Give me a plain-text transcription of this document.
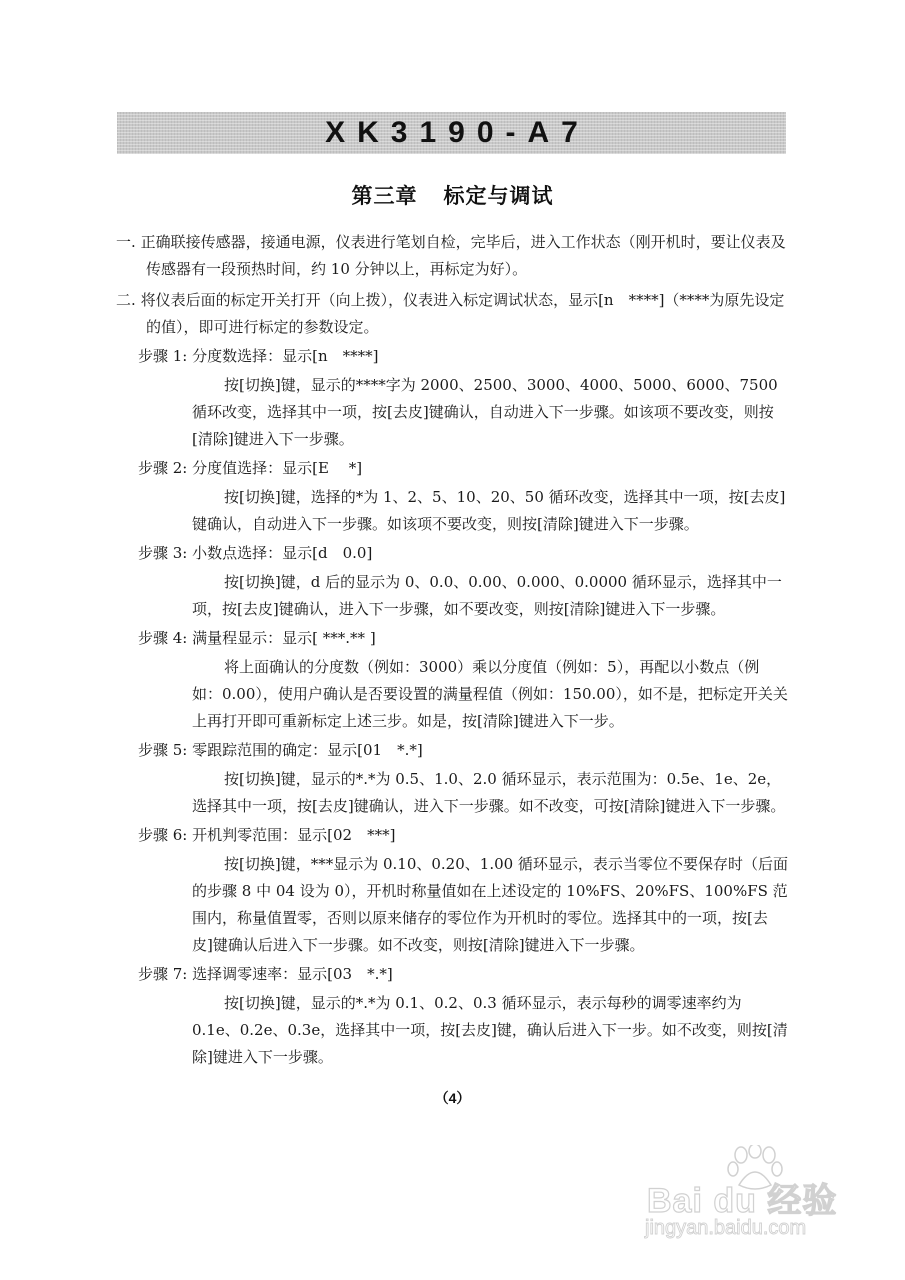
XK3190-A7
第三章 标定与调试

一. 正确联接传感器，接通电源，仪表进行笔划自检，完毕后，进入工作状态（刚开机时，要让仪表及传感器有一段预热时间，约 10 分钟以上，再标定为好）。

二. 将仪表后面的标定开关打开（向上拨），仪表进入标定调试状态，显示[n　****]（****为原先设定的值），即可进行标定的参数设定。

步骤 1: 分度数选择：显示[n　****]

按[切换]键，显示的****字为 2000、2500、3000、4000、5000、6000、7500 循环改变，选择其中一项，按[去皮]键确认，自动进入下一步骤。如该项不要改变，则按[清除]键进入下一步骤。

步骤 2: 分度值选择：显示[E　 *]

按[切换]键，选择的*为 1、2、5、10、20、50 循环改变，选择其中一项，按[去皮] 键确认，自动进入下一步骤。如该项不要改变，则按[清除]键进入下一步骤。

步骤 3: 小数点选择：显示[d　0.0]

按[切换]键，d 后的显示为 0、0.0、0.00、0.000、0.0000 循环显示，选择其中一项，按[去皮]键确认，进入下一步骤，如不要改变，则按[清除]键进入下一步骤。

步骤 4: 满量程显示：显示[ ***.** ]

将上面确认的分度数（例如：3000）乘以分度值（例如：5），再配以小数点（例如：0.00），使用户确认是否要设置的满量程值（例如：150.00），如不是，把标定开关关上再打开即可重新标定上述三步。如是，按[清除]键进入下一步。

步骤 5: 零跟踪范围的确定：显示[01　*.*]

按[切换]键，显示的*.*为 0.5、1.0、2.0 循环显示，表示范围为：0.5e、1e、2e，选择其中一项，按[去皮]键确认，进入下一步骤。如不改变，可按[清除]键进入下一步骤。

步骤 6: 开机判零范围：显示[02　***]

按[切换]键，***显示为 0.10、0.20、1.00 循环显示，表示当零位不要保存时（后面的步骤 8 中 04 设为 0），开机时称量值如在上述设定的 10%FS、20%FS、100%FS 范围内，称量值置零，否则以原来储存的零位作为开机时的零位。选择其中的一项，按[去皮]键确认后进入下一步骤。如不改变，则按[清除]键进入下一步骤。

步骤 7: 选择调零速率：显示[03　*.*]

按[切换]键，显示的*.*为 0.1、0.2、0.3 循环显示，表示每秒的调零速率约为 0.1e、0.2e、0.3e，选择其中一项，按[去皮]键，确认后进入下一步。如不改变，则按[清除]键进入下一步骤。

（4）
Bai du 经验
jingyan.baidu.com
